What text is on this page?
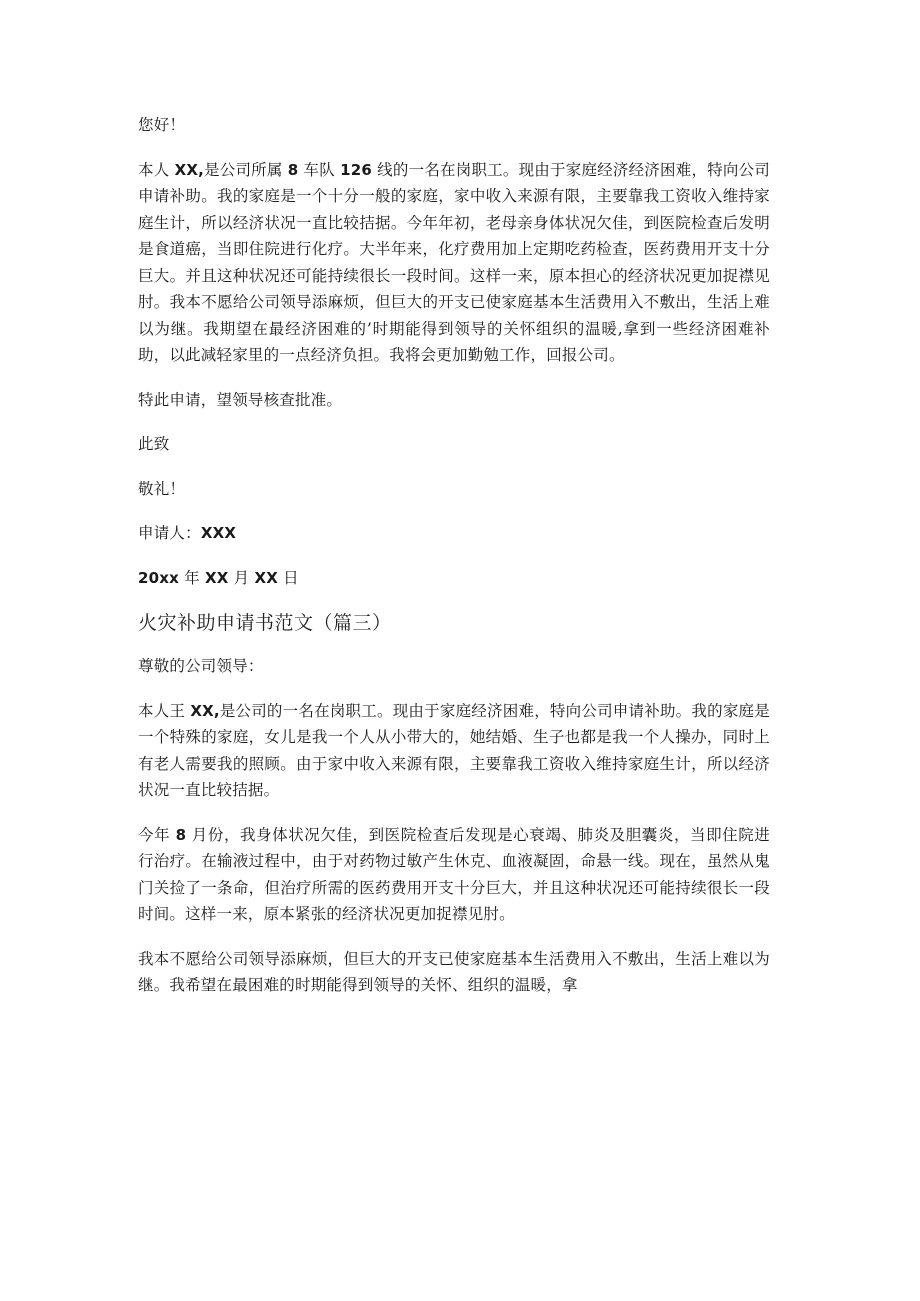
您好！

本人 XX,是公司所属 8 车队 126 线的一名在岗职工。现由于家庭经济经济困难，特向公司申请补助。我的家庭是一个十分一般的家庭，家中收入来源有限，主要靠我工资收入维持家庭生计，所以经济状况一直比较拮据。今年年初，老母亲身体状况欠佳，到医院检查后发明是食道癌，当即住院进行化疗。大半年来，化疗费用加上定期吃药检查，医药费用开支十分巨大。并且这种状况还可能持续很长一段时间。这样一来，原本担心的经济状况更加捉襟见肘。我本不愿给公司领导添麻烦，但巨大的开支已使家庭基本生活费用入不敷出，生活上难以为继。我期望在最经济困难的’时期能得到领导的关怀组织的温暖,拿到一些经济困难补助，以此减轻家里的一点经济负担。我将会更加勤勉工作，回报公司。

特此申请，望领导核查批准。

此致

敬礼！

申请人：XXX

20xx 年 XX 月 XX 日

火灾补助申请书范文（篇三）

尊敬的公司领导：

本人王 XX,是公司的一名在岗职工。现由于家庭经济困难，特向公司申请补助。我的家庭是一个特殊的家庭，女儿是我一个人从小带大的，她结婚、生子也都是我一个人操办，同时上有老人需要我的照顾。由于家中收入来源有限，主要靠我工资收入维持家庭生计，所以经济状况一直比较拮据。

今年 8 月份，我身体状况欠佳，到医院检查后发现是心衰竭、肺炎及胆囊炎，当即住院进行治疗。在输液过程中，由于对药物过敏产生休克、血液凝固，命悬一线。现在，虽然从鬼门关捡了一条命，但治疗所需的医药费用开支十分巨大，并且这种状况还可能持续很长一段时间。这样一来，原本紧张的经济状况更加捉襟见肘。

我本不愿给公司领导添麻烦，但巨大的开支已使家庭基本生活费用入不敷出，生活上难以为继。我希望在最困难的时期能得到领导的关怀、组织的温暖，拿
